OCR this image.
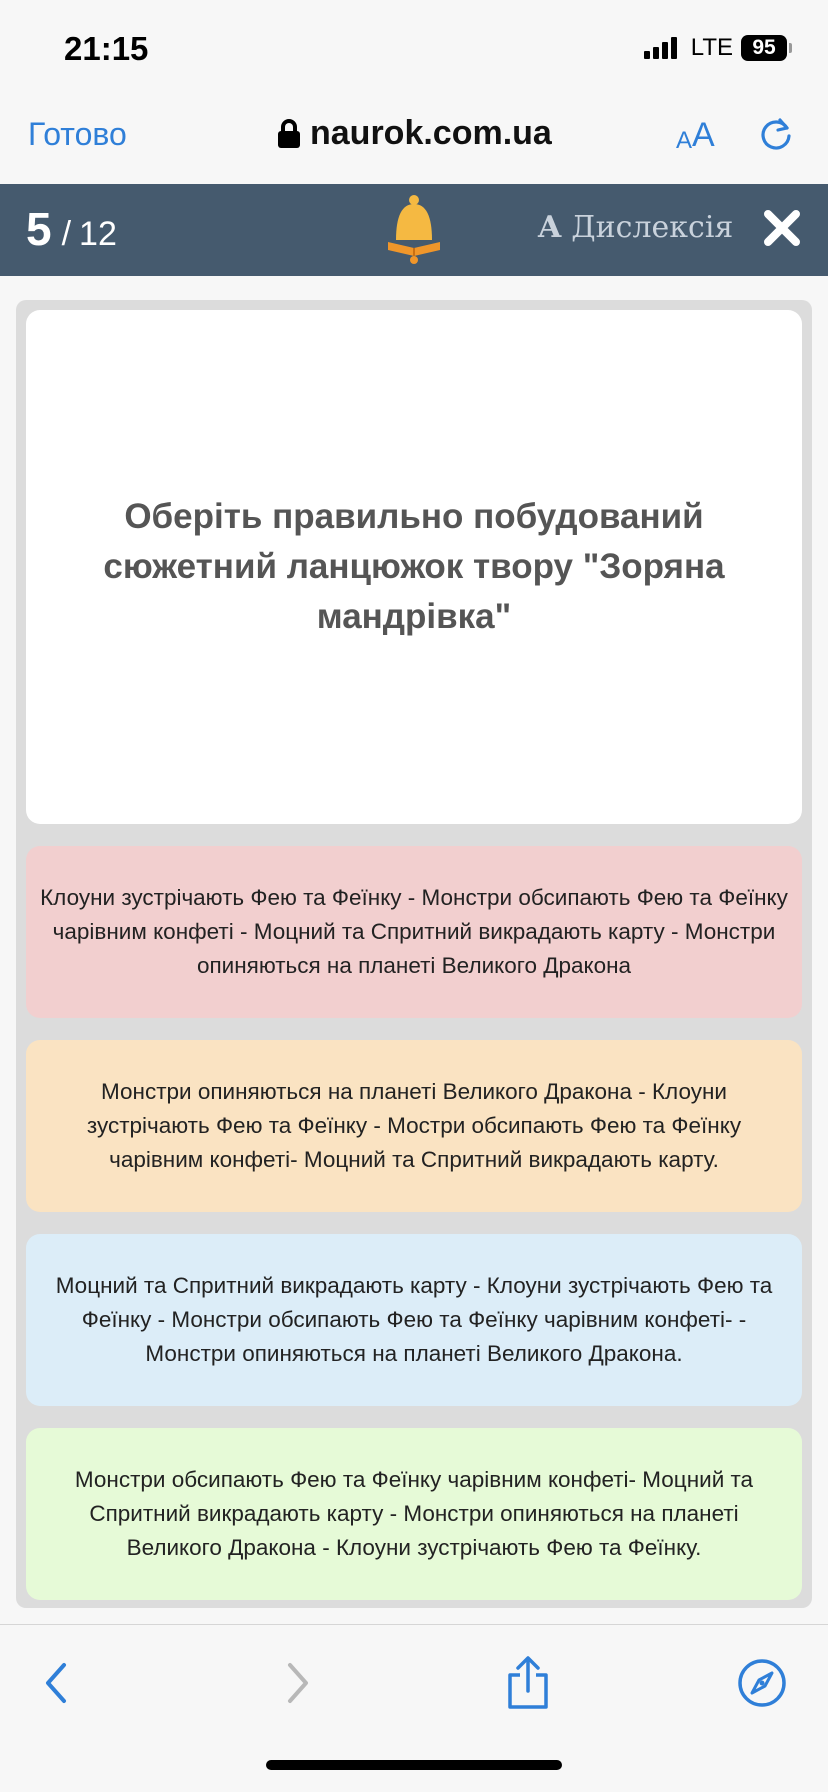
21:15	LTE 95
Готово	naurok.com.ua	A A
5 / 12	A Дислексія
Оберіть правильно побудований сюжетний ланцюжок твору "Зоряна мандрівка"
Клоуни зустрічають Фею та Феїнку - Монстри обсипають Фею та Феїнку чарівним конфеті - Моцний та Спритний викрадають карту - Монстри опиняються на планеті Великого Дракона
Монстри опиняються на планеті Великого Дракона - Клоуни зустрічають Фею та Феїнку - Мостри обсипають Фею та Феїнку чарівним конфеті- Моцний та Спритний викрадають карту.
Моцний та Спритний викрадають карту - Клоуни зустрічають Фею та Феїнку - Монстри обсипають Фею та Феїнку чарівним конфеті- - Монстри опиняються на планеті Великого Дракона.
Монстри обсипають Фею та Феїнку чарівним конфеті- Моцний та Спритний викрадають карту - Монстри опиняються на планеті Великого Дракона - Клоуни зустрічають Фею та Феїнку.
